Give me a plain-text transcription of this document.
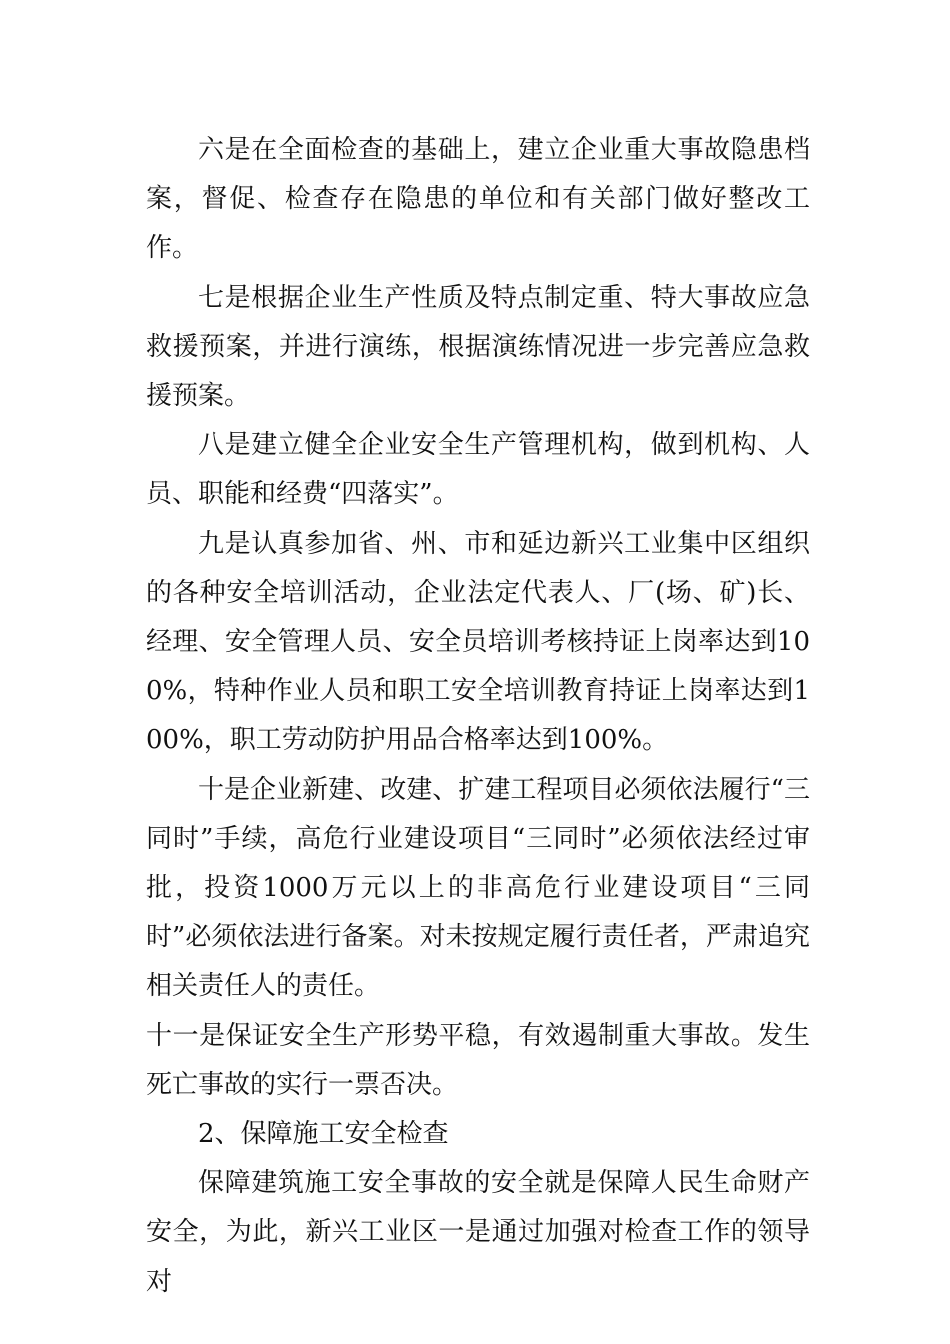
六是在全面检查的基础上，建立企业重大事故隐患档案，督促、检查存在隐患的单位和有关部门做好整改工作。

七是根据企业生产性质及特点制定重、特大事故应急救援预案，并进行演练，根据演练情况进一步完善应急救援预案。

八是建立健全企业安全生产管理机构，做到机构、人员、职能和经费“四落实”。

九是认真参加省、州、市和延边新兴工业集中区组织的各种安全培训活动，企业法定代表人、厂(场、矿)长、经理、安全管理人员、安全员培训考核持证上岗率达到100%，特种作业人员和职工安全培训教育持证上岗率达到100%，职工劳动防护用品合格率达到100%。

十是企业新建、改建、扩建工程项目必须依法履行“三同时”手续，高危行业建设项目“三同时”必须依法经过审批，投资1000万元以上的非高危行业建设项目“三同时”必须依法进行备案。对未按规定履行责任者，严肃追究相关责任人的责任。

十一是保证安全生产形势平稳，有效遏制重大事故。发生死亡事故的实行一票否决。

2、保障施工安全检查

保障建筑施工安全事故的安全就是保障人民生命财产安全，为此，新兴工业区一是通过加强对检查工作的领导对
